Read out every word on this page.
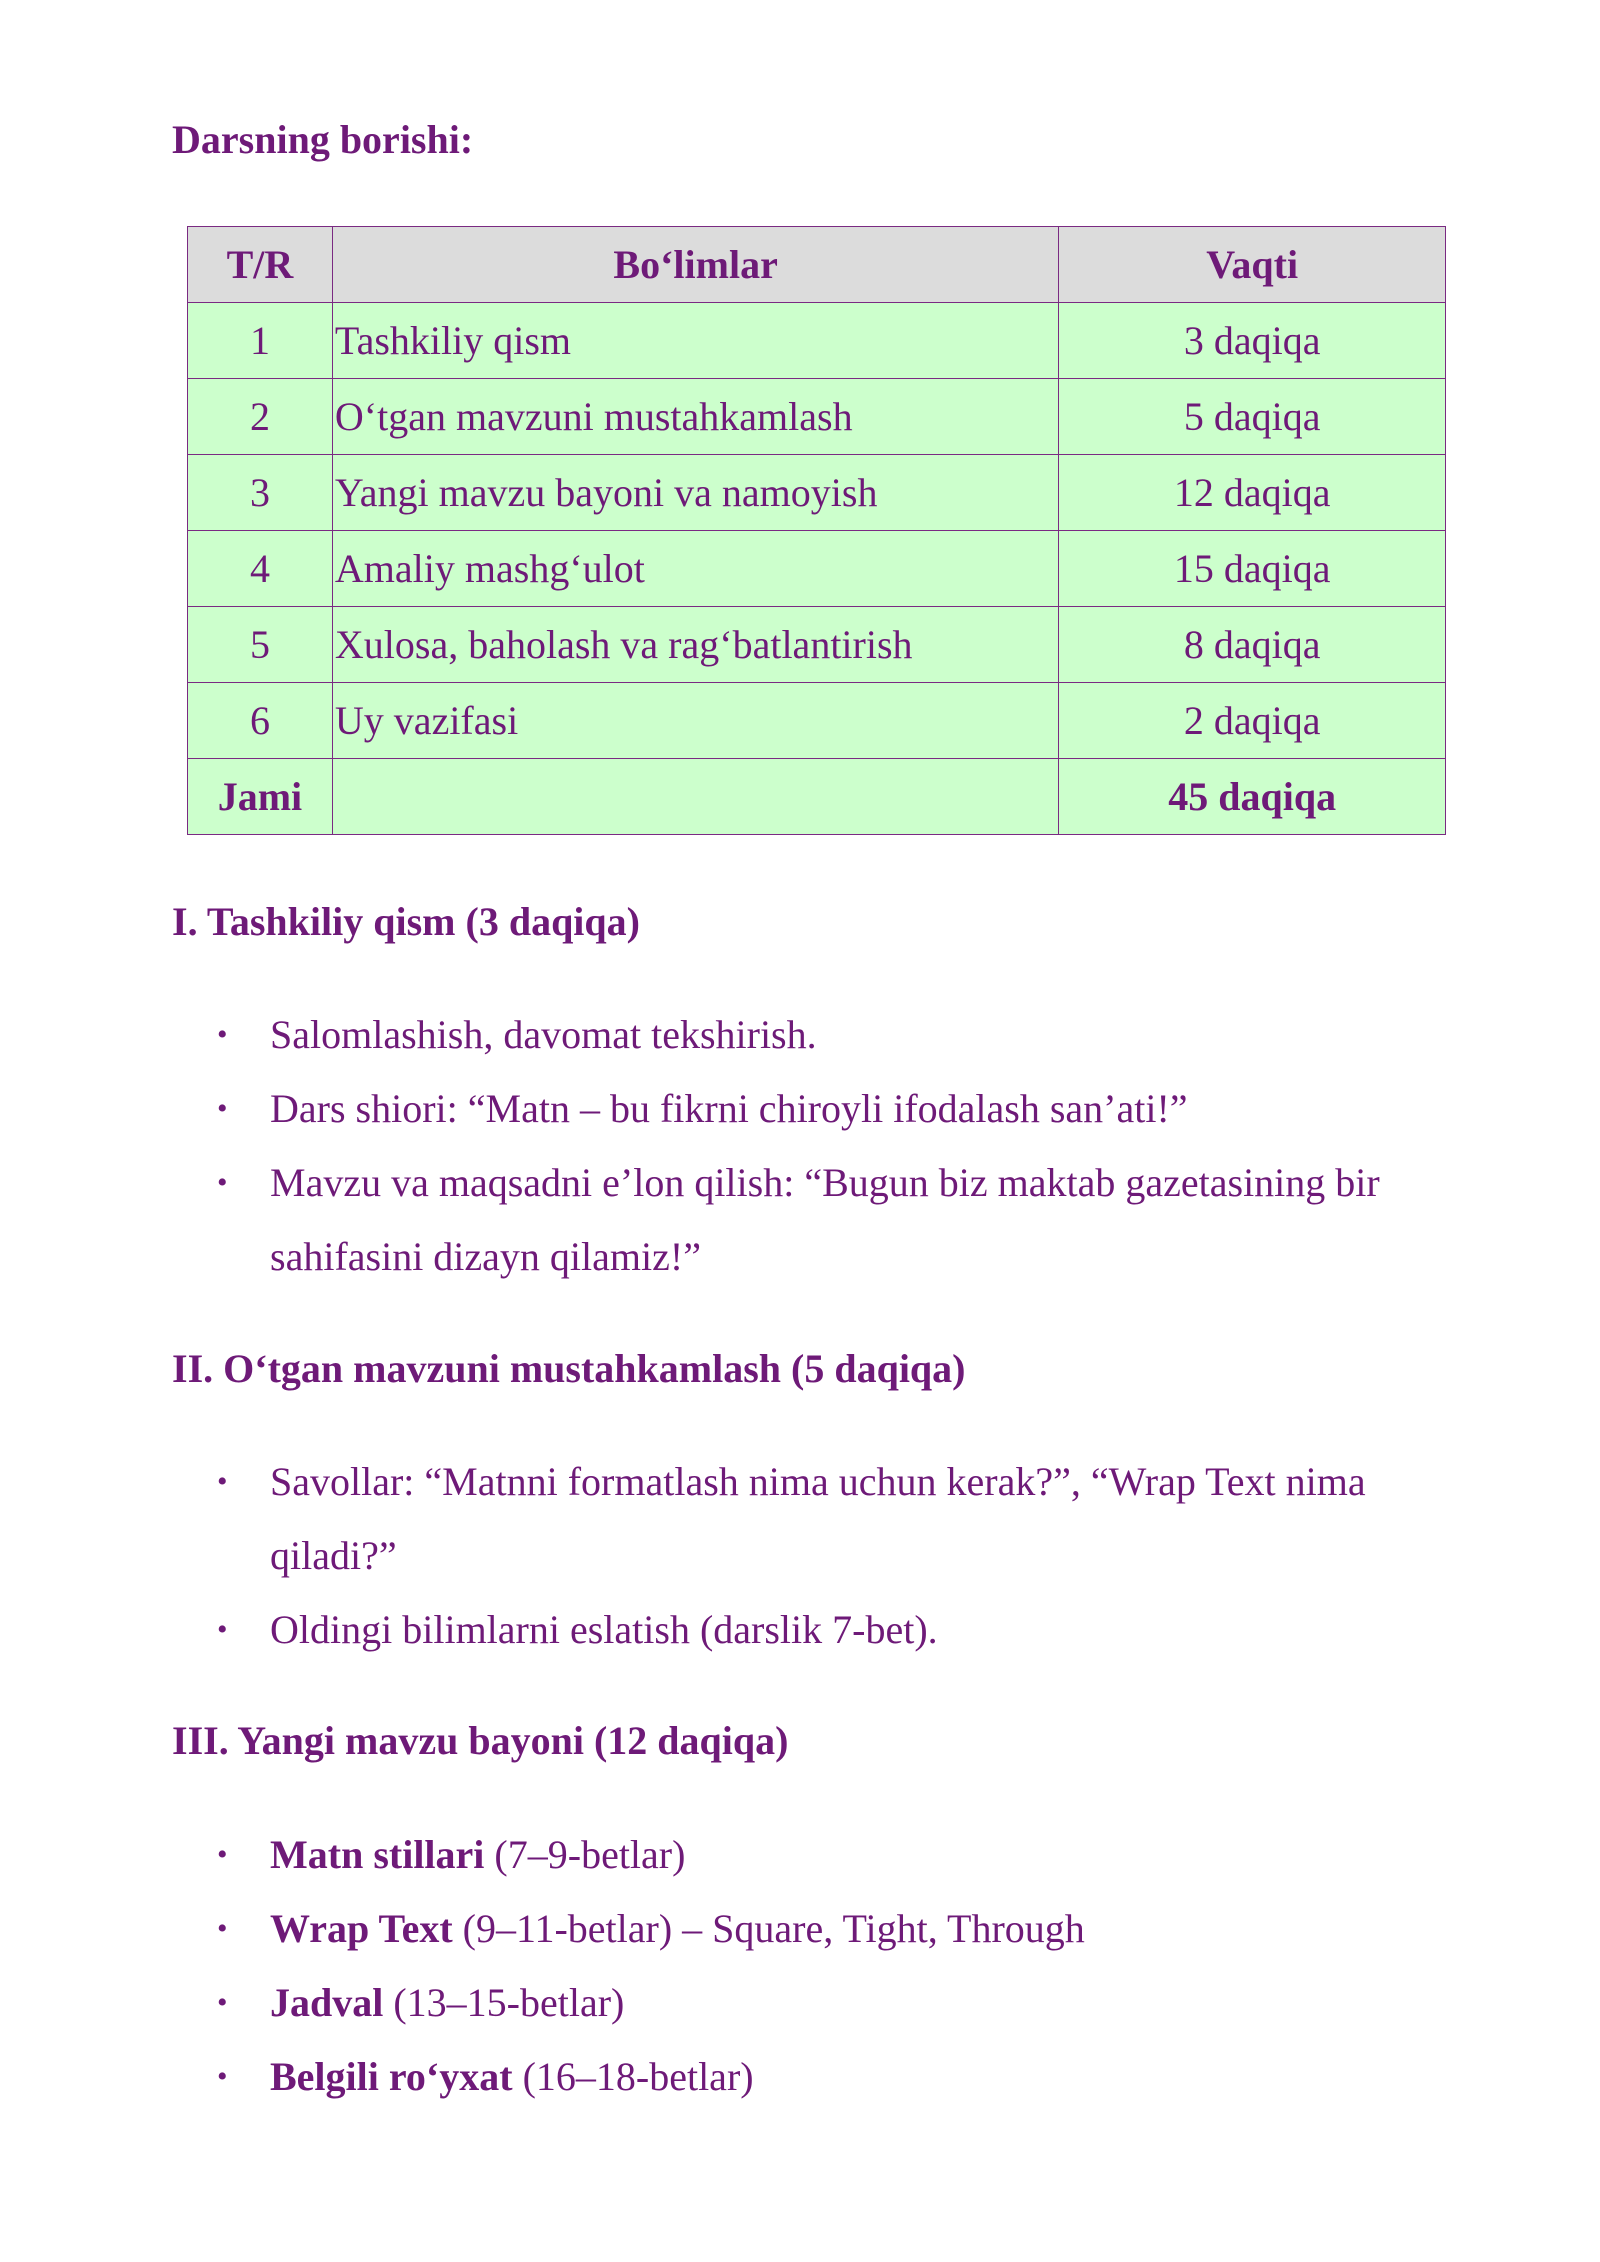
Darsning borishi:
T/R	Bo‘limlar	Vaqti
1	Tashkiliy qism	3 daqiqa
2	O‘tgan mavzuni mustahkamlash	5 daqiqa
3	Yangi mavzu bayoni va namoyish	12 daqiqa
4	Amaliy mashg‘ulot	15 daqiqa
5	Xulosa, baholash va rag‘batlantirish	8 daqiqa
6	Uy vazifasi	2 daqiqa
Jami		45 daqiqa
I. Tashkiliy qism (3 daqiqa)
• Salomlashish, davomat tekshirish.
• Dars shiori: “Matn – bu fikrni chiroyli ifodalash san’ati!”
• Mavzu va maqsadni e’lon qilish: “Bugun biz maktab gazetasining bir sahifasini dizayn qilamiz!”
II. O‘tgan mavzuni mustahkamlash (5 daqiqa)
• Savollar: “Matnni formatlash nima uchun kerak?”, “Wrap Text nima qiladi?”
• Oldingi bilimlarni eslatish (darslik 7-bet).
III. Yangi mavzu bayoni (12 daqiqa)
• Matn stillari (7–9-betlar)
• Wrap Text (9–11-betlar) – Square, Tight, Through
• Jadval (13–15-betlar)
• Belgili ro‘yxat (16–18-betlar)
